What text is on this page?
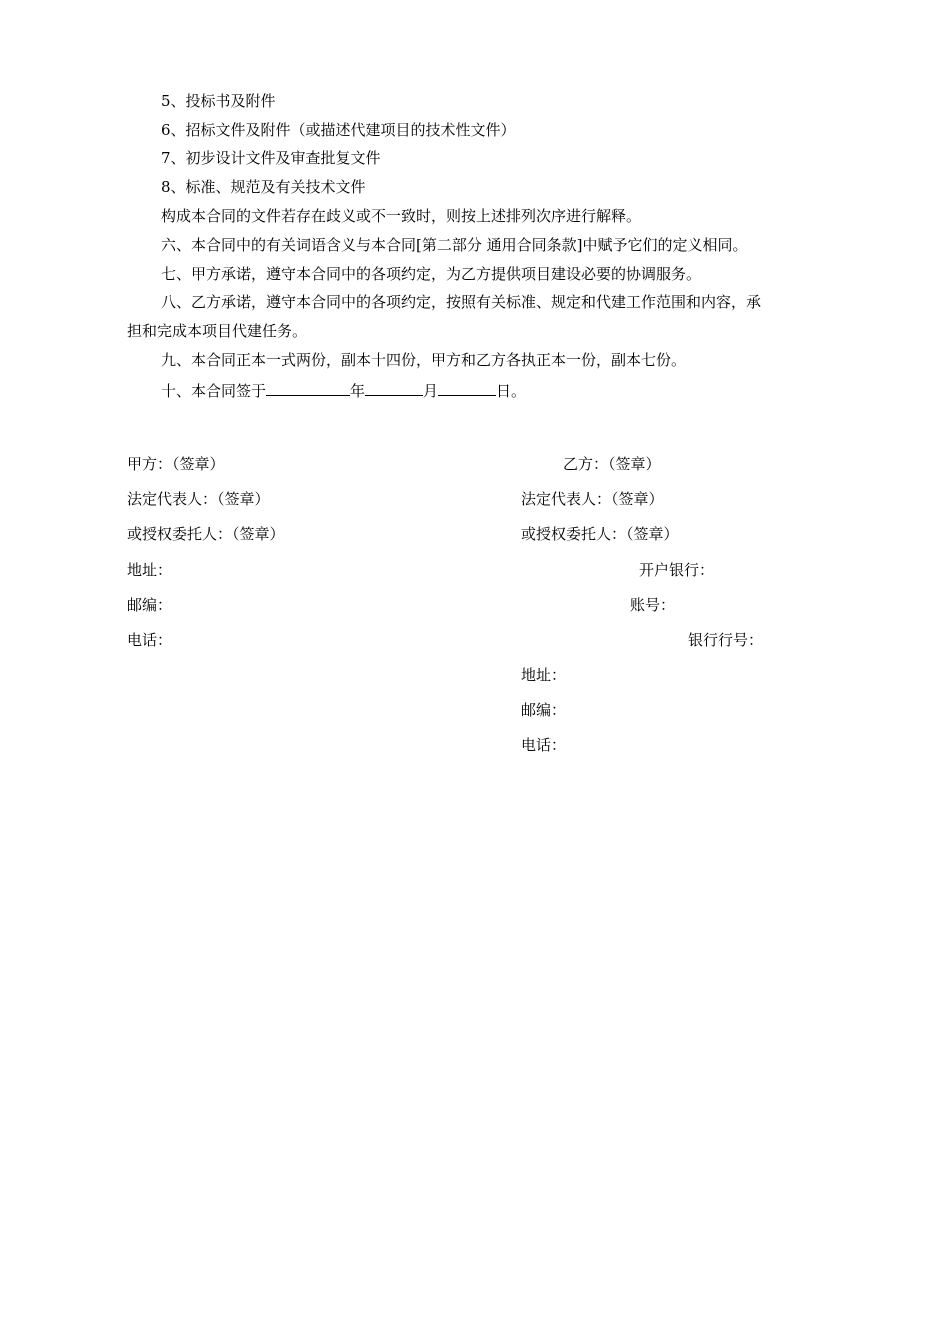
5、投标书及附件
6、招标文件及附件（或描述代建项目的技术性文件）
7、初步设计文件及审查批复文件
8、标准、规范及有关技术文件
构成本合同的文件若存在歧义或不一致时，则按上述排列次序进行解释。
六、本合同中的有关词语含义与本合同[第二部分 通用合同条款]中赋予它们的定义相同。
七、甲方承诺，遵守本合同中的各项约定，为乙方提供项目建设必要的协调服务。
八、乙方承诺，遵守本合同中的各项约定，按照有关标准、规定和代建工作范围和内容，承
担和完成本项目代建任务。
九、本合同正本一式两份，副本十四份，甲方和乙方各执正本一份，副本七份。
十、本合同签于	年	月	日。
甲方：（签章）
法定代表人：（签章）
或授权委托人：（签章）
地址：
邮编：
电话：
乙方：（签章）
法定代表人：（签章）
或授权委托人：（签章）
开户银行：
账号：
银行行号：
地址：
邮编：
电话：
